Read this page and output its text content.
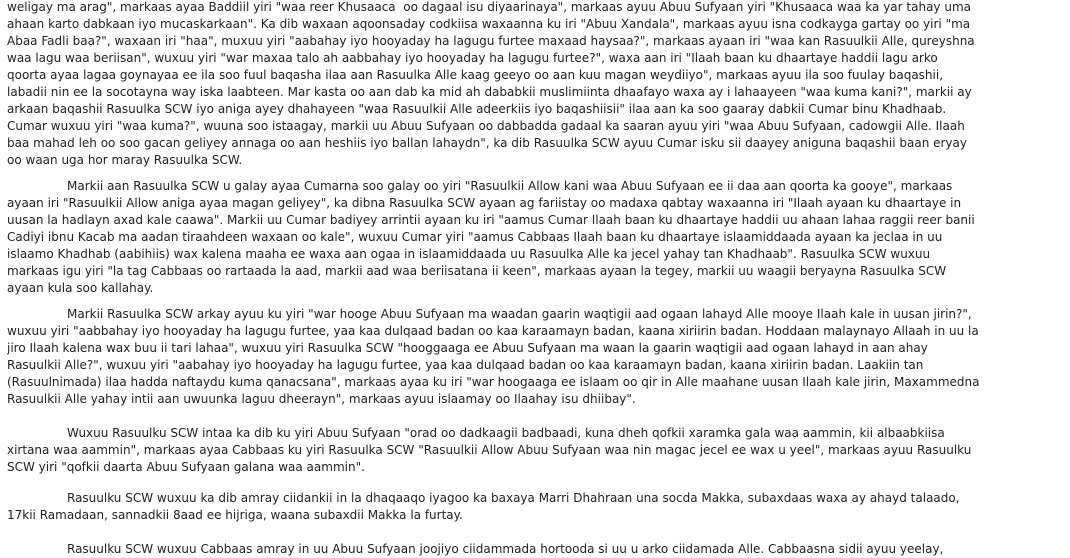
weligay ma arag", markaas ayaa Baddiil yiri "waa reer Khusaaca  oo dagaal isu diyaarinaya", markaas ayuu Abuu Sufyaan yiri "Khusaaca waa ka yar tahay uma
ahaan karto dabkaan iyo mucaskarkaan". Ka dib waxaan aqoonsaday codkiisa waxaanna ku iri "Abuu Xandala", markaas ayuu isna codkayga gartay oo yiri "ma
Abaa Fadli baa?", waxaan iri "haa", muxuu yiri "aabahay iyo hooyaday ha lagugu furtee maxaad haysaa?", markaas ayaan iri "waa kan Rasuulkii Alle, qureyshna
waa lagu waa beriisan", wuxuu yiri "war maxaa talo ah aabbahay iyo hooyaday ha lagugu furtee?", waxa aan iri "Ilaah baan ku dhaartaye haddii lagu arko
qoorta ayaa lagaa goynayaa ee ila soo fuul baqasha ilaa aan Rasuulka Alle kaag geeyo oo aan kuu magan weydiiyo", markaas ayuu ila soo fuulay baqashii,
labadii nin ee la socotayna way iska laabteen. Mar kasta oo aan dab ka mid ah dababkii muslimiinta dhaafayo waxa ay i lahaayeen "waa kuma kani?", markii ay
arkaan baqashii Rasuulka SCW iyo aniga ayey dhahayeen "waa Rasuulkii Alle adeerkiis iyo baqashiisii" ilaa aan ka soo gaaray dabkii Cumar binu Khadhaab.
Cumar wuxuu yiri "waa kuma?", wuuna soo istaagay, markii uu Abuu Sufyaan oo dabbadda gadaal ka saaran ayuu yiri "waa Abuu Sufyaan, cadowgii Alle. Ilaah
baa mahad leh oo soo gacan geliyey annaga oo aan heshiis iyo ballan lahaydn", ka dib Rasuulka SCW ayuu Cumar isku sii daayey aniguna baqashii baan eryay
oo waan uga hor maray Rasuulka SCW.
Markii aan Rasuulka SCW u galay ayaa Cumarna soo galay oo yiri "Rasuulkii Allow kani waa Abuu Sufyaan ee ii daa aan qoorta ka gooye", markaas
ayaan iri "Rasuulkii Allow aniga ayaa magan geliyey", ka dibna Rasuulka SCW ayaan ag fariistay oo madaxa qabtay waxaanna iri "Ilaah ayaan ku dhaartaye in
uusan la hadlayn axad kale caawa". Markii uu Cumar badiyey arrintii ayaan ku iri "aamus Cumar Ilaah baan ku dhaartaye haddii uu ahaan lahaa raggii reer banii
Cadiyi ibnu Kacab ma aadan tiraahdeen waxaan oo kale", wuxuu Cumar yiri "aamus Cabbaas Ilaah baan ku dhaartaye islaamiddaada ayaan ka jeclaa in uu
islaamo Khadhab (aabihiis) wax kalena maaha ee waxa aan ogaa in islaamiddaada uu Rasuulka Alle ka jecel yahay tan Khadhaab". Rasuulka SCW wuxuu
markaas igu yiri "la tag Cabbaas oo rartaada la aad, markii aad waa beriisatana ii keen", markaas ayaan la tegey, markii uu waagii beryayna Rasuulka SCW
ayaan kula soo kallahay.
Markii Rasuulka SCW arkay ayuu ku yiri "war hooge Abuu Sufyaan ma waadan gaarin waqtigii aad ogaan lahayd Alle mooye Ilaah kale in uusan jirin?",
wuxuu yiri "aabbahay iyo hooyaday ha lagugu furtee, yaa kaa dulqaad badan oo kaa karaamayn badan, kaana xiriirin badan. Hoddaan malaynayo Allaah in uu la
jiro Ilaah kalena wax buu ii tari lahaa", wuxuu yiri Rasuulka SCW "hooggaaga ee Abuu Sufyaan ma waan la gaarin waqtigii aad ogaan lahayd in aan ahay
Rasuulkii Alle?", wuxuu yiri "aabahay iyo hooyaday ha lagugu furtee, yaa kaa dulqaad badan oo kaa karaamayn badan, kaana xiriirin badan. Laakiin tan
(Rasuulnimada) ilaa hadda naftaydu kuma qanacsana", markaas ayaa ku iri "war hoogaaga ee islaam oo qir in Alle maahane uusan Ilaah kale jirin, Maxammedna
Rasuulkii Alle yahay intii aan uwuunka laguu dheerayn", markaas ayuu islaamay oo Ilaahay isu dhiibay".
Wuxuu Rasuulku SCW intaa ka dib ku yiri Abuu Sufyaan "orad oo dadkaagii badbaadi, kuna dheh qofkii xaramka gala waa aammin, kii albaabkiisa
xirtana waa aammin", markaas ayaa Cabbaas ku yiri Rasuulka SCW "Rasuulkii Allow Abuu Sufyaan waa nin magac jecel ee wax u yeel", markaas ayuu Rasuulku
SCW yiri "qofkii daarta Abuu Sufyaan galana waa aammin".
Rasuulku SCW wuxuu ka dib amray ciidankii in la dhaqaaqo iyagoo ka baxaya Marri Dhahraan una socda Makka, subaxdaas waxa ay ahayd talaado,
17kii Ramadaan, sannadkii 8aad ee hijriga, waana subaxdii Makka la furtay.
Rasuulku SCW wuxuu Cabbaas amray in uu Abuu Sufyaan joojiyo ciidammada hortooda si uu u arko ciidamada Alle. Cabbaasna sidii ayuu yeelay,
